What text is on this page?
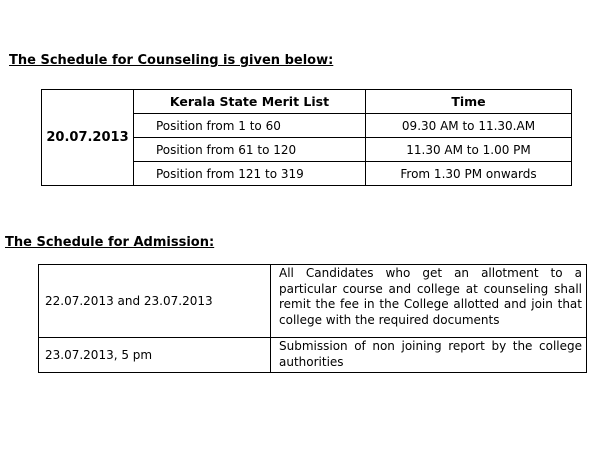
The Schedule for Counseling is given below:
20.07.2013	Kerala State Merit List	Time
	Position from 1 to 60	09.30 AM to 11.30.AM
	Position from 61 to 120	11.30 AM to 1.00 PM
	Position from 121 to 319	From 1.30 PM onwards
The Schedule for Admission:
22.07.2013 and 23.07.2013	All Candidates who get an allotment to a particular course and college at counseling shall remit the fee in the College allotted and join that college with the required documents
23.07.2013, 5 pm	Submission of non joining report by the college authorities
